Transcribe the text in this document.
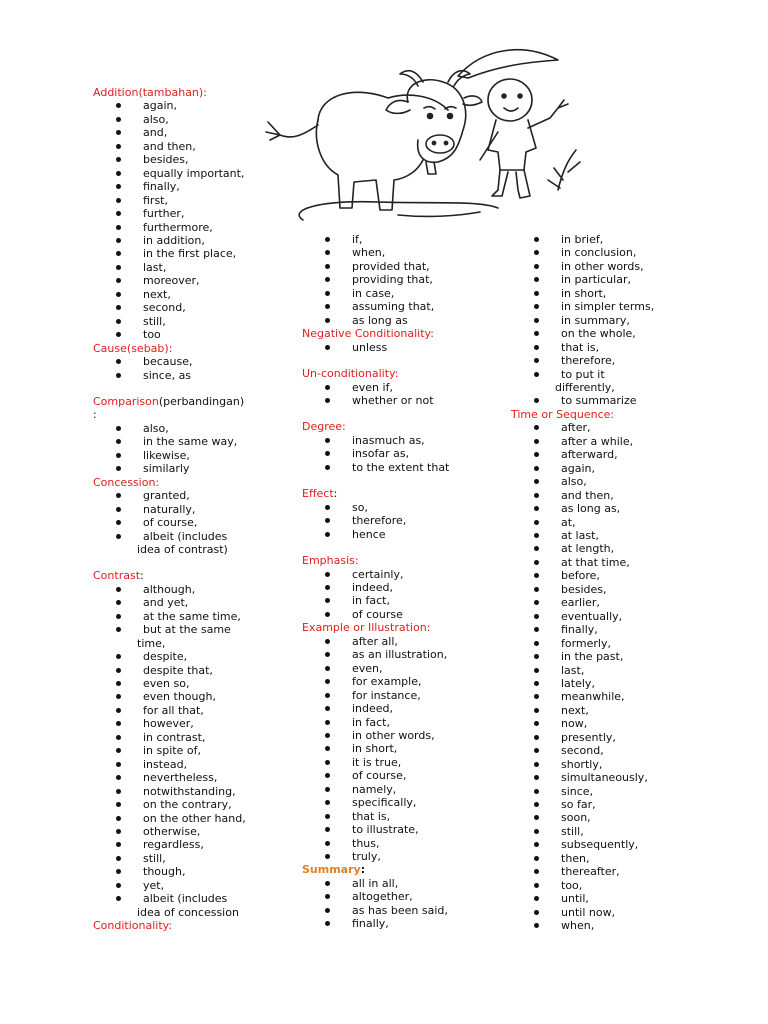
Addition(tambahan):
again,
also,
and,
and then,
besides,
equally important,
finally,
first,
further,
furthermore,
in addition,
in the first place,
last,
moreover,
next,
second,
still,
too
Cause(sebab):
because,
since, as
Comparison(perbandingan)
:
also,
in the same way,
likewise,
similarly
Concession:
granted,
naturally,
of course,
albeit (includes
idea of contrast)
Contrast:
although,
and yet,
at the same time,
but at the same
time,
despite,
despite that,
even so,
even though,
for all that,
however,
in contrast,
in spite of,
instead,
nevertheless,
notwithstanding,
on the contrary,
on the other hand,
otherwise,
regardless,
still,
though,
yet,
albeit (includes
idea of concession
Conditionality:
if,
when,
provided that,
providing that,
in case,
assuming that,
as long as
Negative Conditionality:
unless
Un-conditionality:
even if,
whether or not
Degree:
inasmuch as,
insofar as,
to the extent that
Effect:
so,
therefore,
hence
Emphasis:
certainly,
indeed,
in fact,
of course
Example or Illustration:
after all,
as an illustration,
even,
for example,
for instance,
indeed,
in fact,
in other words,
in short,
it is true,
of course,
namely,
specifically,
that is,
to illustrate,
thus,
truly,
Summary:
all in all,
altogether,
as has been said,
finally,
in brief,
in conclusion,
in other words,
in particular,
in short,
in simpler terms,
in summary,
on the whole,
that is,
therefore,
to put it
differently,
to summarize
Time or Sequence:
after,
after a while,
afterward,
again,
also,
and then,
as long as,
at,
at last,
at length,
at that time,
before,
besides,
earlier,
eventually,
finally,
formerly,
in the past,
last,
lately,
meanwhile,
next,
now,
presently,
second,
shortly,
simultaneously,
since,
so far,
soon,
still,
subsequently,
then,
thereafter,
too,
until,
until now,
when,
